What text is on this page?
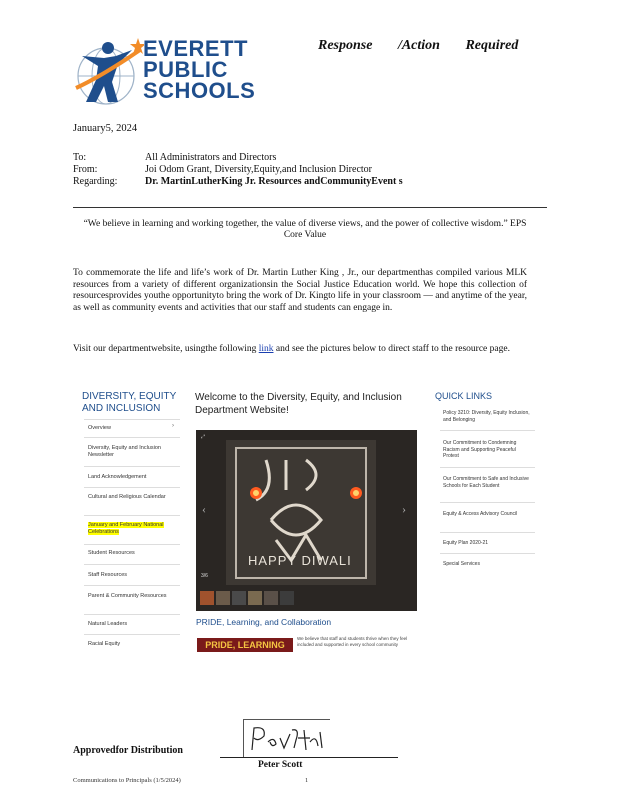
EVERETT
PUBLIC
SCHOOLS
Response /Action Required
January5, 2024
To:	All Administrators and Directors
From:	Joi Odom Grant, Diversity,Equity,and Inclusion Director
Regarding:	Dr. MartinLutherKing Jr. Resources andCommunityEvent s
“We believe in learning and working together, the value of diverse views, and the power of collective wisdom.” EPS Core Value
To commemorate the life and life’s work of Dr. Martin Luther King , Jr., our departmenthas compiled various MLK resources from a variety of different organizationsin the Social Justice Education world. We hope this collection of resourcesprovides youthe opportunityto bring the work of Dr. Kingto life in your classroom — and anytime of the year, as well as community events and activities that our staff and students can engage in.
Visit our departmentwebsite, usingthe following link and see the pictures below to direct staff to the resource page.
DIVERSITY, EQUITY AND INCLUSION
Overview	›
Diversity, Equity and Inclusion Newsletter
Land Acknowledgement
Cultural and Religious Calendar
January and February National Celebrations
Student Resources
Staff Resources
Parent & Community Resources
Natural Leaders
Racial Equity
Welcome to the Diversity, Equity, and Inclusion Department Website!
HAPPY DIWALI
3/6
‹	›
⤢
PRIDE, Learning, and Collaboration
PRIDE, LEARNING
We believe that staff and students thrive when they feel included and supported in every school community
QUICK LINKS
Policy 3210: Diversity, Equity Inclusion, and Belonging
Our Commitment to Condemning Racism and Supporting Peaceful Protest
Our Commitment to Safe and Inclusive Schools for Each Student
Equity & Access Advisory Council
Equity Plan 2020-21
Special Services
Approvedfor Distribution
Peter Scott
Communications to Principals (1/5/2024)	1
